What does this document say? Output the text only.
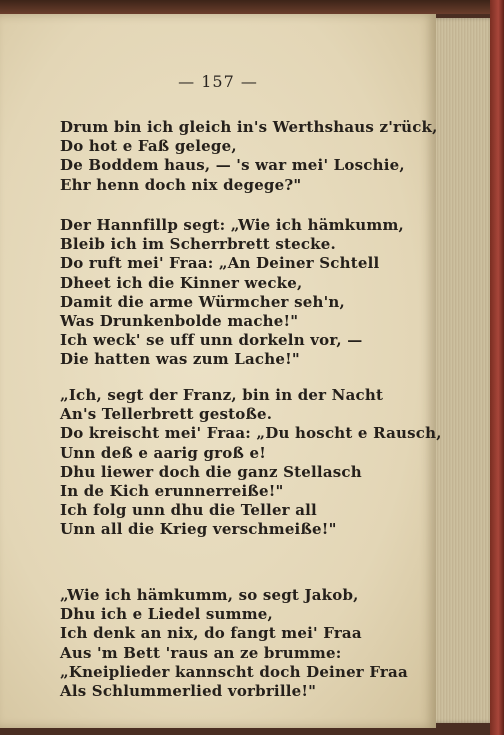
— 157 —
Drum bin ich gleich in's Werthshaus z'rück,
Do hot e Faß gelege,
De Boddem haus, — 's war mei' Loschie,
Ehr henn doch nix degege?"
Der Hannfillp segt: „Wie ich hämkumm,
Bleib ich im Scherrbrett stecke.
Do ruft mei' Fraa: „An Deiner Schtell
Dheet ich die Kinner wecke,
Damit die arme Würmcher seh'n,
Was Drunkenbolde mache!"
Ich weck' se uff unn dorkeln vor, —
Die hatten was zum Lache!"
„Ich, segt der Franz, bin in der Nacht
An's Tellerbrett gestoße.
Do kreischt mei' Fraa: „Du hoscht e Rausch,
Unn deß e aarig groß e!
Dhu liewer doch die ganz Stellasch
In de Kich erunnerreiße!"
Ich folg unn dhu die Teller all
Unn all die Krieg verschmeiße!"
„Wie ich hämkumm, so segt Jakob,
Dhu ich e Liedel summe,
Ich denk an nix, do fangt mei' Fraa
Aus 'm Bett 'raus an ze brumme:
„Kneiplieder kannscht doch Deiner Fraa
Als Schlummerlied vorbrille!"
